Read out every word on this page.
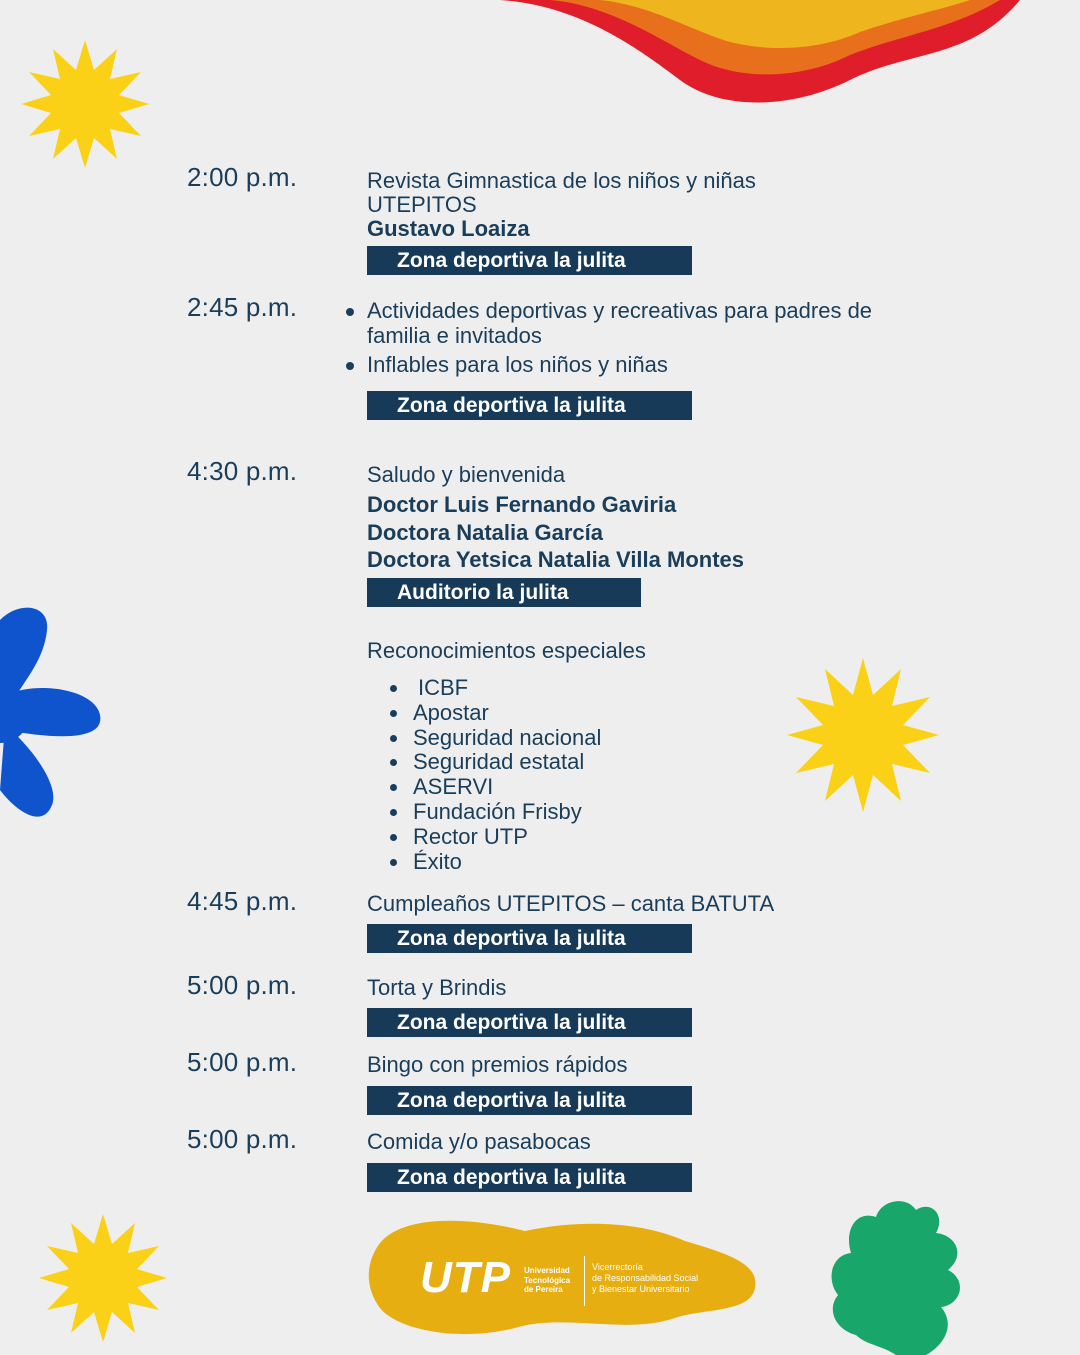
UTP Universidad
Tecnológica
de Pereira
Vicerrectoría
de Responsabilidad Social
y Bienestar Universitario
2:00 p.m.	Revista Gimnastica de los niños y niñas
UTEPITOS
Gustavo Loaiza
Zona deportiva la julita
2:45 p.m.	Actividades deportivas y recreativas para padres de familia e invitados
Inflables para los niños y niñas
Zona deportiva la julita
4:30 p.m.	Saludo y bienvenida
Doctor Luis Fernando Gaviria
Doctora Natalia García
Doctora Yetsica Natalia Villa Montes
Auditorio la julita
Reconocimientos especiales
ICBF
Apostar
Seguridad nacional
Seguridad estatal
ASERVI
Fundación Frisby
Rector UTP
Éxito
4:45 p.m.	Cumpleaños UTEPITOS – canta BATUTA
Zona deportiva la julita
5:00 p.m.	Torta y Brindis
Zona deportiva la julita
5:00 p.m.	Bingo con premios rápidos
Zona deportiva la julita
5:00 p.m.	Comida y/o pasabocas
Zona deportiva la julita
